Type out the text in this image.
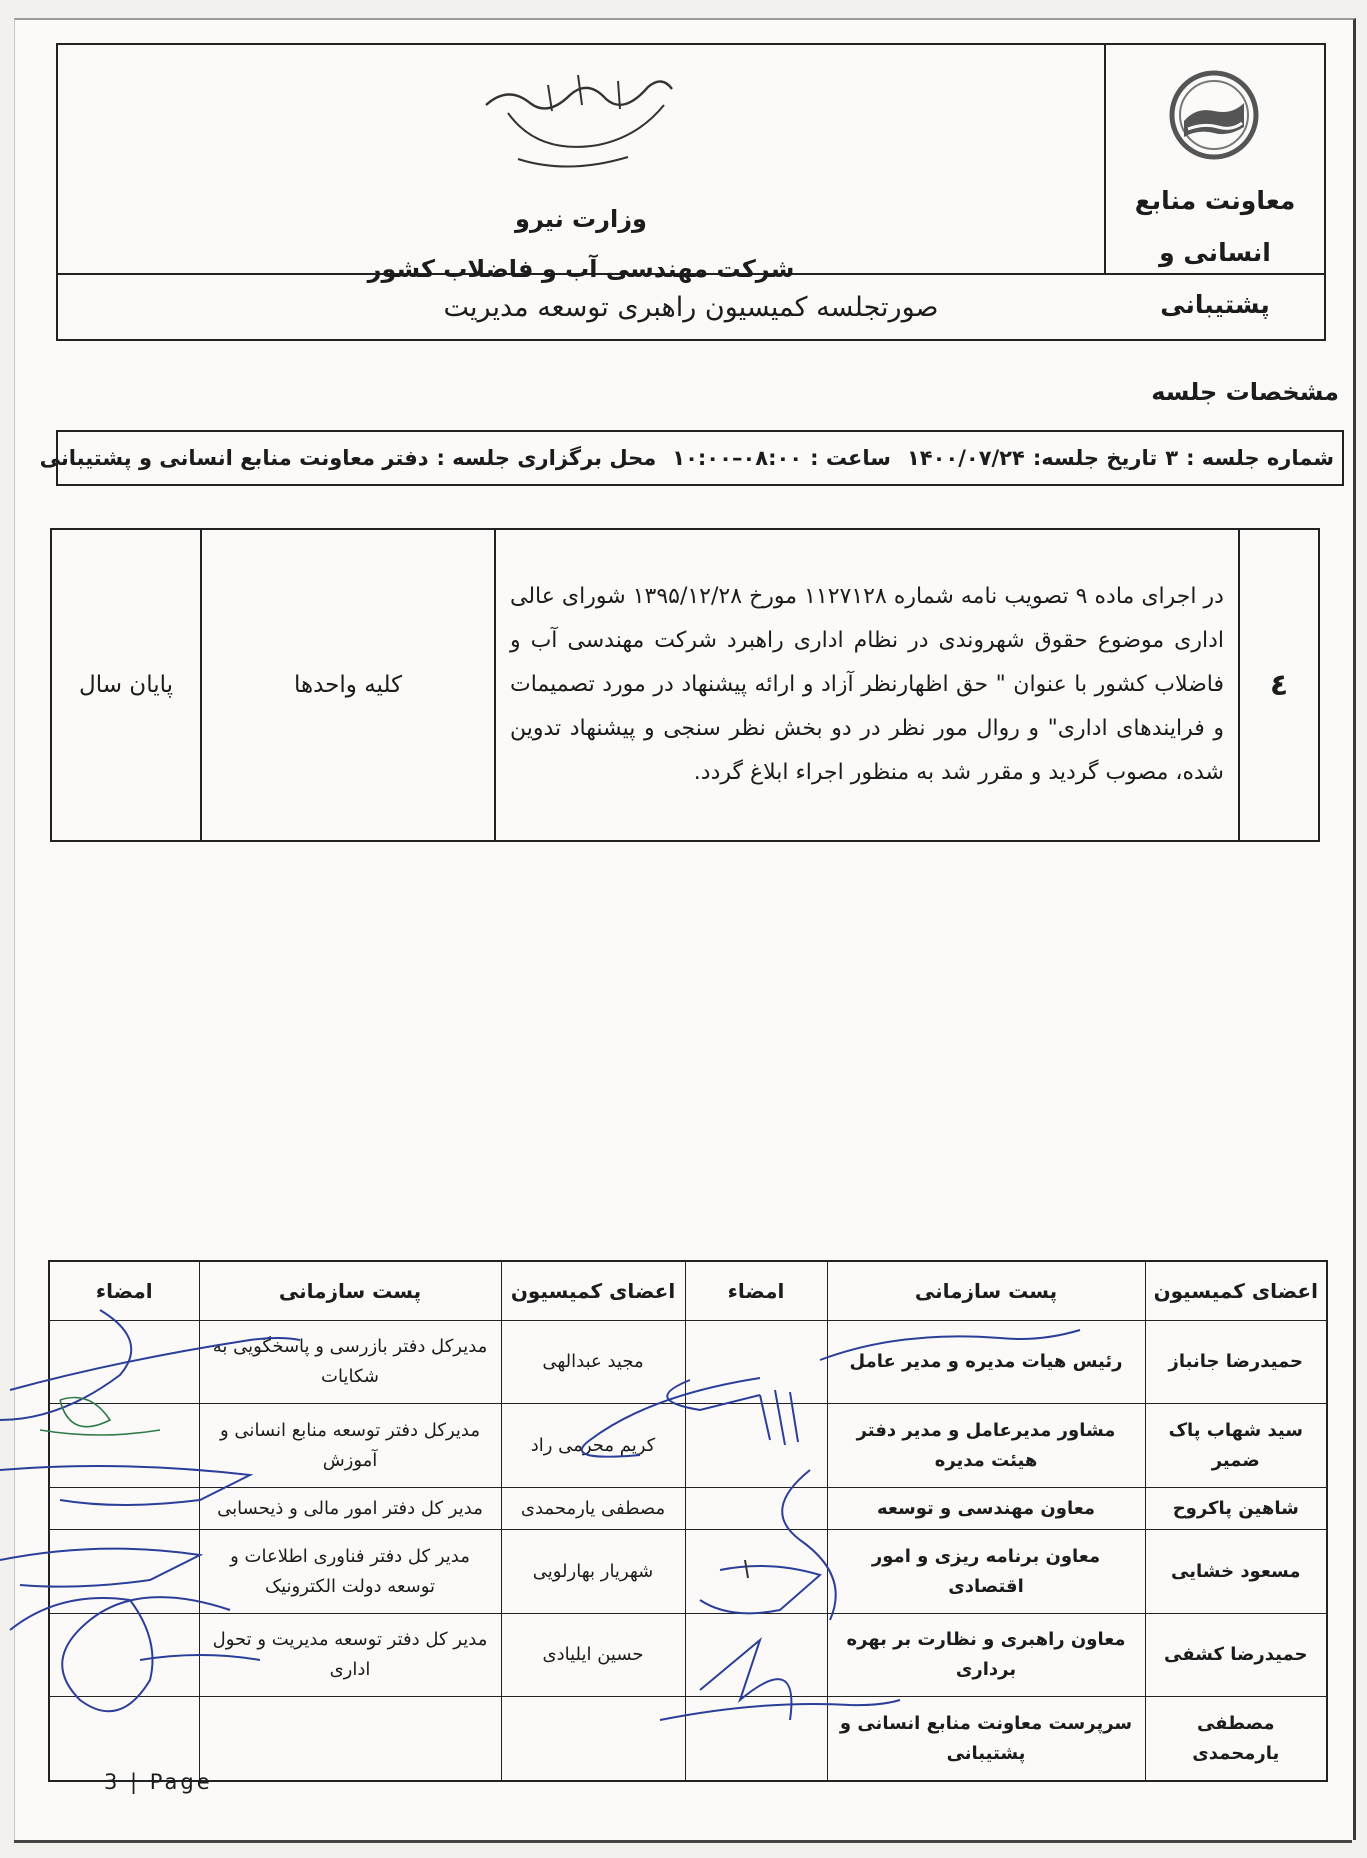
معاونت منابع انسانی و
پشتیبانی
وزارت نیرو
شرکت مهندسی آب و فاضلاب کشور
صورتجلسه کمیسیون راهبری توسعه مدیریت
مشخصات جلسه
شماره جلسه :
۳
تاریخ جلسه:
۱۴۰۰/۰۷/۲۴
ساعت :
۰۸:۰۰–۱۰:۰۰
محل برگزاری جلسه :
دفتر معاونت منابع انسانی و پشتیبانی
٤
در اجرای ماده ۹ تصویب نامه شماره ۱۱۲۷۱۲۸ مورخ ۱۳۹۵/۱۲/۲۸ شورای عالی اداری موضوع حقوق شهروندی در نظام اداری راهبرد شرکت مهندسی آب و فاضلاب کشور با عنوان " حق اظهارنظر آزاد و ارائه پیشنهاد در مورد تصمیمات و فرایندهای اداری" و روال مور نظر در دو بخش نظر سنجی و پیشنهاد تدوین شده، مصوب گردید و مقرر شد به منظور اجراء ابلاغ گردد.
کلیه واحدها
پایان سال
اعضای کمیسیون	پست سازمانی	امضاء	اعضای کمیسیون	پست سازمانی	امضاء
حمیدرضا جانباز	رئیس هیات مدیره و مدیر عامل		مجید عبدالهی	مدیرکل دفتر بازرسی و پاسخگویی به شکایات	
سید شهاب پاک ضمیر	مشاور مدیرعامل و مدیر دفتر هیئت مدیره		کریم محرمی راد	مدیرکل دفتر توسعه منابع انسانی و آموزش	
شاهین پاکروح	معاون مهندسی و توسعه		مصطفی یارمحمدی	مدیر کل دفتر امور مالی و ذیحسابی	
مسعود خشایی	معاون برنامه ریزی و امور اقتصادی		شهریار بهارلویی	مدیر کل دفتر فناوری اطلاعات و توسعه دولت الکترونیک	
حمیدرضا کشفی	معاون راهبری و نظارت بر بهره برداری		حسین ایلیادی	مدیر کل دفتر توسعه مدیریت و تحول اداری	
مصطفی یارمحمدی	سرپرست معاونت منابع انسانی و پشتیبانی				
3 | Page
